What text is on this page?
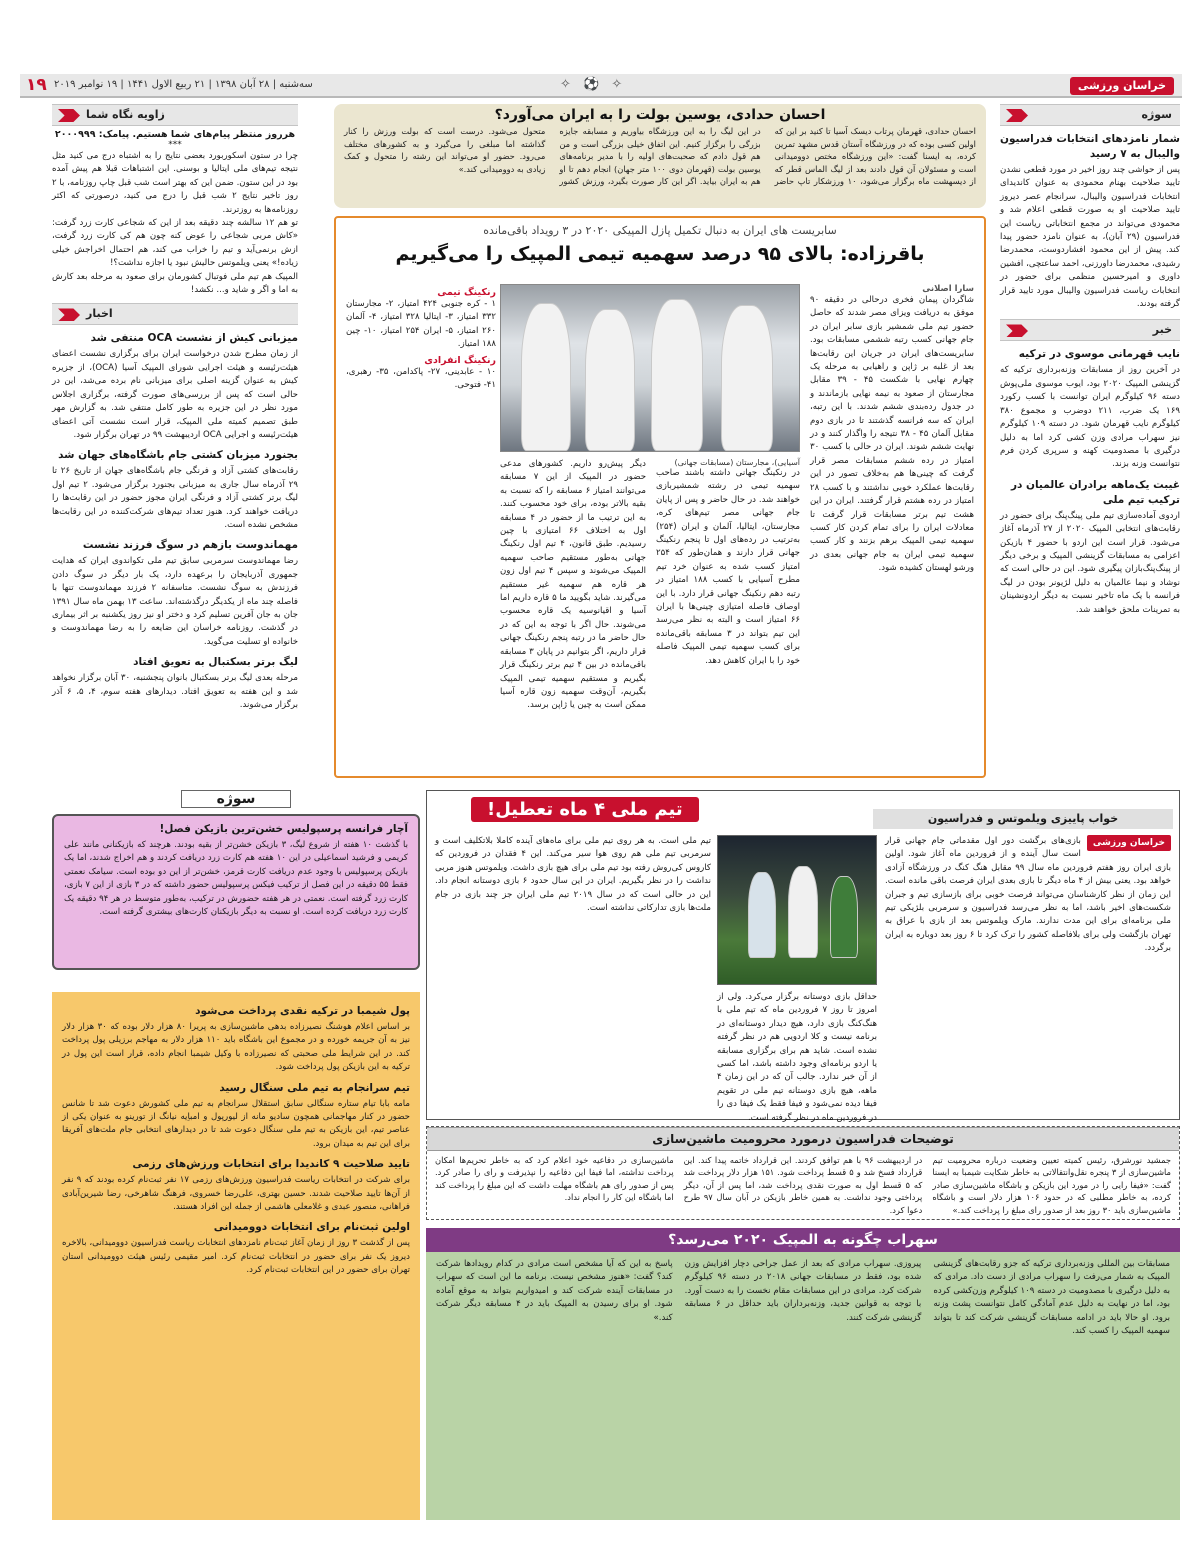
خراسان ورزشی
✧ ⚽ ✧
سه‌شنبه | ۲۸ آبان ۱۳۹۸ | ۲۱ ربیع الاول ۱۴۴۱ | ۱۹ نوامبر ۲۰۱۹
۱۹
سوژه
شمار نامزدهای انتخابات فدراسیون والیبال به ۷ رسید

پس از حواشی چند روز اخیر در مورد قطعی نشدن تایید صلاحیت بهنام محمودی به عنوان کاندیدای انتخابات فدراسیون والیبال، سرانجام عصر دیروز تایید صلاحیت او به صورت قطعی اعلام شد و محمودی می‌تواند در مجمع انتخاباتی ریاست این فدراسیون (۲۹ آبان)، به عنوان نامزد حضور پیدا کند. پیش از این محمود افشاردوست، محمدرضا رشیدی، محمدرضا داورزنی، احمد ساعتچی، افشین داوری و امیرحسین منظمی برای حضور در انتخابات ریاست فدراسیون والیبال مورد تایید قرار گرفته بودند.

خبر
نایب قهرمانی موسوی در ترکیه

در آخرین روز از مسابقات وزنه‌برداری ترکیه که گزینشی المپیک ۲۰۲۰ بود، ایوب موسوی ملی‌پوش دسته ۹۶ کیلوگرم ایران توانست با کسب رکورد ۱۶۹ یک ضرب، ۲۱۱ دوضرب و مجموع ۳۸۰ کیلوگرم نایب قهرمان شود. در دسته ۱۰۹ کیلوگرم نیز سهراب مرادی وزن کشی کرد اما به دلیل درگیری با مصدومیت کهنه و سرپری کردن فرم نتوانست وزنه بزند.

غیبت یک‌ماهه برادران عالمیان در ترکیب تیم ملی

اردوی آماده‌سازی تیم ملی پینگ‌پنگ برای حضور در رقابت‌های انتخابی المپیک ۲۰۲۰ از ۲۷ آذرماه آغاز می‌شود. قرار است این اردو با حضور ۴ بازیکن اعزامی به مسابقات گزینشی المپیک و برخی دیگر از پینگ‌پنگ‌بازان پیگیری شود. این در حالی است که نوشاد و نیما عالمیان به دلیل لژیونر بودن در لیگ فرانسه با یک ماه تاخیر نسبت به دیگر اردونشینان به تمرینات ملحق خواهند شد.

زاویه نگاه شما
هرروز منتظر پیام‌های شما هستیم. پیامک: ۲۰۰۰۹۹۹
***

چرا در ستون اسکوربورد بعضی نتایج را به اشتباه درج می کنید مثل نتیجه تیم‌های ملی ایتالیا و بوسنی. این اشتباهات قبلا هم پیش آمده بود در این ستون. ضمن این که بهتر است شب قبل چاپ روزنامه، با ۲ روز تاخیر نتایج ۲ شب قبل را درج می کنید، درصورتی که اکثر روزنامه‌ها به روزترند.

تو هم ۱۲ سالشه چند دقیقه بعد از این که شجاعی کارت زرد گرفت: «کاش مربی شجاعی را عوض کنه چون هم کی کارت زرد گرفت، ازش برنمی‌آید و تیم را خراب می کند، هم احتمال اخراجش خیلی زیاده!» یعنی ویلموتس حالیش نبود یا اجازه نداشت؟!

المپیک هم تیم ملی فوتبال کشورمان برای صعود به مرحله بعد کارش به اما و اگر و شاید و... نکشد!

اخبار
میزبانی کیش از نشست OCA منتفی شد

از زمان مطرح شدن درخواست ایران برای برگزاری نشست اعضای هیئت‌رئیسه و هیئت اجرایی شورای المپیک آسیا (OCA)، از جزیره کیش به عنوان گزینه اصلی برای میزبانی نام برده می‌شد، این در حالی است که پس از بررسی‌های صورت گرفته، برگزاری اجلاس مورد نظر در این جزیره به طور کامل منتفی شد. به گزارش مهر طبق تصمیم کمیته ملی المپیک، قرار است نشست آتی اعضای هیئت‌رئیسه و اجرایی OCA اردیبهشت ۹۹ در تهران برگزار شود.

بجنورد میزبان کشتی جام باشگاه‌های جهان شد

رقابت‌های کشتی آزاد و فرنگی جام باشگاه‌های جهان از تاریخ ۲۶ تا ۲۹ آذرماه سال جاری به میزبانی بجنورد برگزار می‌شود. ۲ تیم اول لیگ برتر کشتی آزاد و فرنگی ایران مجوز حضور در این رقابت‌ها را دریافت خواهند کرد. هنوز تعداد تیم‌های شرکت‌کننده در این رقابت‌ها مشخص نشده است.

مهماندوست بازهم در سوگ فرزند نشست

رضا مهماندوست سرمربی سابق تیم ملی تکواندوی ایران که هدایت جمهوری آذربایجان را برعهده دارد، یک بار دیگر در سوگ دادن فرزندش به سوگ نشست. متاسفانه ۲ فرزند مهماندوست تنها با فاصله چند ماه از یکدیگر درگذشته‌اند. ساعت ۱۳ بهمن ماه سال ۱۳۹۱ جان به جان آفرین تسلیم کرد و دختر او نیز روز یکشنبه بر اثر بیماری در گذشت. روزنامه خراسان این ضایعه را به رضا مهماندوست و خانواده او تسلیت می‌گوید.

لیگ برتر بسکتبال به تعویق افتاد

مرحله بعدی لیگ برتر بسکتبال بانوان پنجشنبه، ۳۰ آبان برگزار نخواهد شد و این هفته به تعویق افتاد. دیدارهای هفته سوم، ۴، ۵، ۶ آذر برگزار می‌شوند.

احسان حدادی، یوسین بولت را به ایران می‌آورد؟

احسان حدادی، قهرمان پرتاب دیسک آسیا تا کنید بر این که اولین کسی بوده که در ورزشگاه آستان قدس مشهد تمرین کرده، به ایسنا گفت: «این ورزشگاه مختص دوومیدانی است و مسئولان آن قول دادند بعد از لیگ الماس قطر که از دیسهشت ماه برگزار می‌شود، ۱۰ ورزشکار تاپ حاضر در این لیگ را به این ورزشگاه بیاوریم و مسابقه جایزه بزرگی را برگزار کنیم. این اتفاق خیلی بزرگی است و من هم قول دادم که صحبت‌های اولیه را با مدیر برنامه‌های یوسین بولت (قهرمان دوی ۱۰۰ متر جهان) انجام دهم تا او هم به ایران بیاید. اگر این کار صورت بگیرد، ورزش کشور متحول می‌شود. درست است که بولت ورزش را کنار گذاشته اما مبلغی را می‌گیرد و به کشورهای مختلف می‌رود. حضور او می‌تواند این رشته را متحول و کمک زیادی به دوومیدانی کند.»

سابریست های ایران به دنبال تکمیل پازل المپیکی ۲۰۲۰ در ۳ رویداد باقی‌مانده
باقرزاده: بالای ۹۵ درصد سهمیه تیمی المپیک را می‌گیریم
سارا اصلانی

شاگردان پیمان فخری درحالی در دقیقه ۹۰ موفق به دریافت ویزای مصر شدند که حاصل حضور تیم ملی شمشیر بازی سابر ایران در جام جهانی کسب رتبه ششمی مسابقات بود. سابریست‌های ایران در جریان این رقابت‌ها بعد از غلبه بر ژاپن و راهیابی به مرحله یک چهارم نهایی با شکست ۴۵ - ۳۹ مقابل مجارستان از صعود به نیمه نهایی بازماندند و در جدول رده‌بندی ششم شدند. با این رتبه، ایران که سه فرانسه گذشتند تا در بازی دوم مقابل آلمان ۴۵ - ۳۸ نتیجه را واگذار کنند و در نهایت ششم شوند. ایران در حالی با کسب ۳۰ امتیاز در رده ششم مسابقات مصر قرار گرفت که چینی‌ها هم به‌خلاف تصور در این رقابت‌ها عملکرد خوبی نداشتند و با کسب ۲۸ امتیاز در رده هشتم قرار گرفتند. ایران در این هشت تیم برتر مسابقات قرار گرفت تا معادلات ایران را برای تمام کردن کار کسب سهمیه تیمی المپیک برهم بزنند و کار کسب سهمیه تیمی ایران به جام جهانی بعدی در ورشو لهستان کشیده شود.

آسیایی)، مجارستان (مسابقات جهانی)

در رنکینگ جهانی داشته باشند صاحب سهمیه تیمی در رشته شمشیربازی خواهند شد. در حال حاضر و پس از پایان جام جهانی مصر تیم‌های کره، مجارستان، ایتالیا، آلمان و ایران (۲۵۴) به‌ترتیب در رده‌های اول تا پنجم رنکینگ جهانی قرار دارند و همان‌طور که ۲۵۴ امتیاز کسب شده به عنوان خرد تیم مطرح آسیایی با کسب ۱۸۸ امتیاز در رتبه دهم رنکینگ جهانی قرار دارد. با این اوصاف فاصله امتیازی چینی‌ها با ایران ۶۶ امتیاز است و البته به نظر می‌رسد این تیم بتواند در ۳ مسابقه باقی‌مانده برای کسب سهمیه تیمی المپیک فاصله خود را با ایران کاهش دهد.

دیگر پیش‌رو داریم. کشورهای مدعی حضور در المپیک از این ۷ مسابقه می‌توانند امتیاز ۶ مسابقه را که نسبت به بقیه بالاتر بوده، برای خود محسوب کنند. به این ترتیب ما از حضور در ۴ مسابقه اول به اختلاف ۶۶ امتیازی با چین رسیدیم. طبق قانون، ۴ تیم اول رنکینگ جهانی به‌طور مستقیم صاحب سهمیه المپیک می‌شوند و سپس ۴ تیم اول زون هر قاره هم سهمیه غیر مستقیم می‌گیرند. شاید بگویید ما ۵ قاره داریم اما آسیا و اقیانوسیه یک قاره محسوب می‌شوند. حال اگر با توجه به این که در حال حاضر ما در رتبه پنجم رنکینگ جهانی قرار داریم، اگر بتوانیم در پایان ۳ مسابقه باقی‌مانده در بین ۴ تیم برتر رنکینگ قرار بگیریم و مستقیم سهمیه تیمی المپیک بگیریم، آن‌وقت سهمیه زون قاره آسیا ممکن است به چین یا ژاپن برسد.

رنکینگ تیمی

۱ - کره جنوبی ۴۲۴ امتیاز، ۲- مجارستان ۳۳۲ امتیاز، ۳- ایتالیا ۳۲۸ امتیاز، ۴- آلمان ۲۶۰ امتیاز، ۵- ایران ۲۵۴ امتیاز، ۱۰- چین ۱۸۸ امتیاز.

رنکینگ انفرادی

۱۰ - عابدینی، ۲۷- پاکدامن، ۳۵- رهبری، ۴۱- فتوحی.

سوژه
آچار فرانسه پرسپولیس خشن‌ترین بازیکن فصل!

با گذشت ۱۰ هفته از شروع لیگ، ۳ بازیکن خشن‌تر از بقیه بودند. هرچند که بازیکنانی مانند علی کریمی و فرشید اسماعیلی در این ۱۰ هفته هم کارت زرد دریافت کردند و هم اخراج شدند، اما یک بازیکن پرسپولیس با وجود عدم دریافت کارت قرمز، خشن‌تر از این دو بوده است. سیامک نعمتی فقط ۵۵ دقیقه در این فصل از ترکیب فیکس پرسپولیس حضور داشته که در ۳ بازی از این ۷ بازی، کارت زرد گرفته است. نعمتی در هر هفته حضورش در ترکیب، به‌طور متوسط در هر ۹۴ دقیقه یک کارت زرد دریافت کرده است. او نسبت به دیگر بازیکنان کارت‌های بیشتری گرفته است.

پول شیمبا در ترکیه نقدی پرداخت می‌شود

بر اساس اعلام هوشنگ نصیرزاده بدهی ماشین‌سازی به پریرا ۸۰ هزار دلار بوده که ۳۰ هزار دلار نیز به آن جریمه خورده و در مجموع این باشگاه باید ۱۱۰ هزار دلار به مهاجم برزیلی پول پرداخت کند. در این شرایط ملی صحبتی که نصیرزاده با وکیل شیمبا انجام داده، قرار است این پول در ترکیه به این بازیکن پول پرداخت شود.

تیم سرانجام به تیم ملی سنگال رسید

مامه بابا تیام ستاره سنگالی سابق استقلال سرانجام به تیم ملی کشورش دعوت شد تا شانس حضور در کنار مهاجمانی همچون سادیو مانه از لیورپول و امباِیه نیانگ از تورینو به عنوان یکی از عناصر تیم، این بازیکن به تیم ملی سنگال دعوت شد تا در دیدارهای انتخابی جام ملت‌های آفریقا برای این تیم به میدان برود.

تایید صلاحیت ۹ کاندیدا برای انتخابات ورزش‌های رزمی

برای شرکت در انتخابات ریاست فدراسیون ورزش‌های رزمی ۱۷ نفر ثبت‌نام کرده بودند که ۹ نفر از آن‌ها تایید صلاحیت شدند. حسین بهتری، علی‌رضا خسروی، فرهنگ شاهرخی، رضا شیرین‌آبادی فراهانی، منصور عبدی و غلامعلی هاشمی از جمله این افراد هستند.

اولین ثبت‌نام برای انتخابات دوومیدانی

پس از گذشت ۳ روز از زمان آغاز ثبت‌نام نامزدهای انتخابات ریاست فدراسیون دوومیدانی، بالاخره دیروز یک نفر برای حضور در انتخابات ثبت‌نام کرد. امیر مقیمی رئیس هیئت دوومیدانی استان تهران برای حضور در این انتخابات ثبت‌نام کرد.

تیم ملی ۴ ماه تعطیل!	خواب پاییزی ویلموتس و فدراسیون
خراسان ورزشی

بازی‌های برگشت دور اول مقدماتی جام جهانی قرار است سال آینده و از فروردین ماه آغاز شود. اولین بازی ایران روز هفتم فروردین ماه سال ۹۹ مقابل هنگ کنگ در ورزشگاه آزادی خواهد بود. یعنی بیش از ۴ ماه دیگر تا بازی بعدی ایران فرصت باقی مانده است. این زمان از نظر کارشناسان می‌تواند فرصت خوبی برای بازسازی تیم و جبران شکست‌های اخیر باشد، اما به نظر می‌رسد فدراسیون و سرمربی بلژیکی تیم ملی برنامه‌ای برای این مدت ندارند. مارک ویلموتس بعد از بازی با عراق به تهران بازگشت ولی برای بلافاصله کشور را ترک کرد تا ۶ روز بعد دوباره به ایران برگردد.

حداقل بازی دوستانه برگزار می‌کرد. ولی از امروز تا روز ۷ فروردین ماه که تیم ملی با هنگ‌کنگ بازی دارد، هیچ دیدار دوستانه‌ای در برنامه نیست و کلا اردویی هم در نظر گرفته نشده است. شاید هم برای برگزاری مسابقه یا اردو برنامه‌ای وجود داشته باشد، اما کسی از آن خبر ندارد. جالب آن که در این زمان ۴ ماهه، هیچ بازی دوستانه تیم ملی در تقویم فیفا دیده نمی‌شود و فیفا فقط یک فیفا دی را در فروردین ماه در نظر گرفته است.

تیم ملی است. به هر روی تیم ملی برای ماه‌های آینده کاملا بلاتکلیف است و سرمربی تیم ملی هم روی هوا سیر می‌کند. این ۴ فقدان در فروردین که کاروس کی‌روش رفته بود تیم ملی برای هیچ بازی داشت. ویلموتس هنوز مربی نداشت را در نظر بگیریم. ایران در این سال حدود ۶ بازی دوستانه انجام داد. این در حالی است که در سال ۲۰۱۹ تیم ملی ایران جز چند بازی در جام ملت‌ها بازی تدارکاتی نداشته است.

توضیحات فدراسیون درمورد محرومیت ماشین‌سازی

جمشید نورشرق، رئیس کمیته تعیین وضعیت درباره محرومیت تیم ماشین‌سازی از ۳ پنجره نقل‌وانتقالاتی به خاطر شکایت شیمبا به ایسنا گفت: «فیفا رایی را در مورد این بازیکن و باشگاه ماشین‌سازی صادر کرده، به خاطر مطلبی که در حدود ۱۰۶ هزار دلار است و باشگاه ماشین‌سازی باید ۳۰ روز بعد از صدور رای مبلغ را پرداخت کند.»

در اردیبهشت ۹۶ با هم توافق کردند. این قرارداد خاتمه پیدا کند. این قرارداد فسخ شد و ۵ قسط پرداخت شود. ۱۵۱ هزار دلار پرداخت شد که ۵ قسط اول به صورت نقدی پرداخت شد، اما پس از آن، دیگر پرداختی وجود نداشت. به همین خاطر بازیکن در آبان سال ۹۷ طرح دعوا کرد.

ماشین‌سازی در دفاعیه خود اعلام کرد که به خاطر تحریم‌ها امکان پرداخت نداشته، اما فیفا این دفاعیه را نپذیرفت و رای را صادر کرد. پس از صدور رای هم باشگاه مهلت داشت که این مبلغ را پرداخت کند اما باشگاه این کار را انجام نداد.

سهراب چگونه به المپیک ۲۰۲۰ می‌رسد؟

مسابقات بین المللی وزنه‌برداری ترکیه که جزو رقابت‌های گزینشی المپیک به شمار می‌رفت را سهراب مرادی از دست داد. مرادی که به دلیل درگیری با مصدومیت در دسته ۱۰۹ کیلوگرم وزن‌کشی کرده بود، اما در نهایت به دلیل عدم آمادگی کامل نتوانست پشت وزنه برود. او حالا باید در ادامه مسابقات گزینشی شرکت کند تا بتواند سهمیه المپیک را کسب کند.

پیروزی. سهراب مرادی که بعد از عمل جراحی دچار افزایش وزن شده بود، فقط در مسابقات جهانی ۲۰۱۸ در دسته ۹۶ کیلوگرم شرکت کرد. مرادی در این مسابقات مقام نخست را به دست آورد. با توجه به قوانین جدید، وزنه‌برداران باید حداقل در ۶ مسابقه گزینشی شرکت کنند.

پاسخ به این که آیا مشخص است مرادی در کدام رویدادها شرکت کند؟ گفت: «هنوز مشخص نیست. برنامه ما این است که سهراب در مسابقات آینده شرکت کند و امیدواریم بتواند به موقع آماده شود. او برای رسیدن به المپیک باید در ۴ مسابقه دیگر شرکت کند.»
